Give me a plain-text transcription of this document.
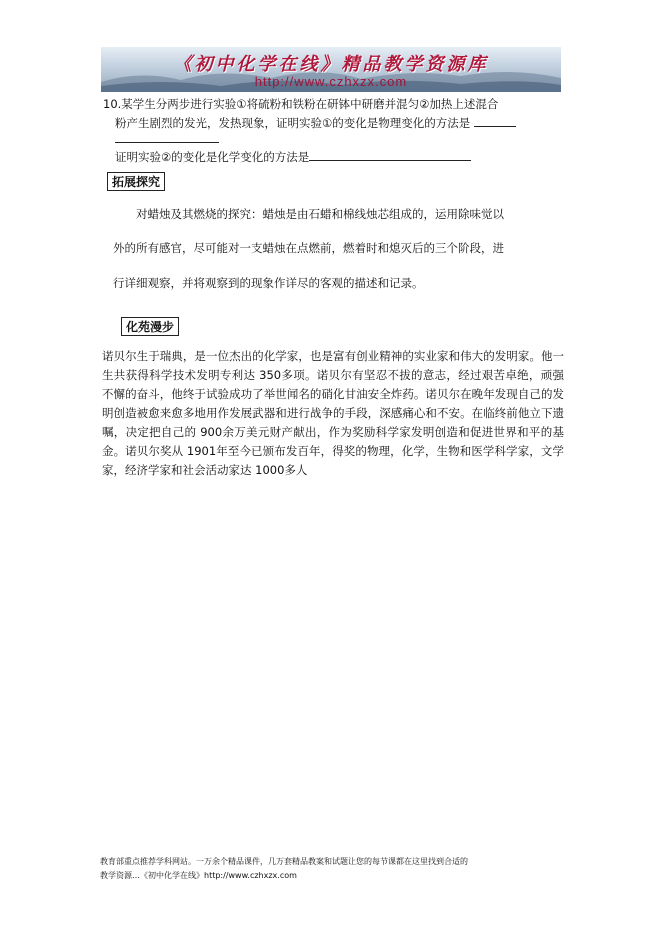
《初中化学在线》精品教学资源库
http://www.czhxzx.com
10.某学生分两步进行实验①将硫粉和铁粉在研钵中研磨并混匀②加热上述混合
粉产生剧烈的发光，发热现象，证明实验①的变化是物理变化的方法是
证明实验②的变化是化学变化的方法是
拓展探究
对蜡烛及其燃烧的探究：蜡烛是由石蜡和棉线烛芯组成的，运用除味觉以
外的所有感官，尽可能对一支蜡烛在点燃前，燃着时和熄灭后的三个阶段，进
行详细观察，并将观察到的现象作详尽的客观的描述和记录。
化苑漫步
诺贝尔生于瑞典，是一位杰出的化学家，也是富有创业精神的实业家和伟大的发明家。他一生共获得科学技术发明专利达 350多项。诺贝尔有坚忍不拔的意志，经过艰苦卓绝，顽强不懈的奋斗，他终于试验成功了举世闻名的硝化甘油安全炸药。诺贝尔在晚年发现自己的发明创造被愈来愈多地用作发展武器和进行战争的手段，深感痛心和不安。在临终前他立下遗嘱，决定把自己的 900余万美元财产献出，作为奖励科学家发明创造和促进世界和平的基金。诺贝尔奖从 1901年至今已颁布发百年，得奖的物理，化学，生物和医学科学家，文学家，经济学家和社会活动家达 1000多人
教育部重点推荐学科网站。一万余个精品课件，几万套精品教案和试题让您的每节课都在这里找到合适的
教学资源…《初中化学在线》http://www.czhxzx.com
